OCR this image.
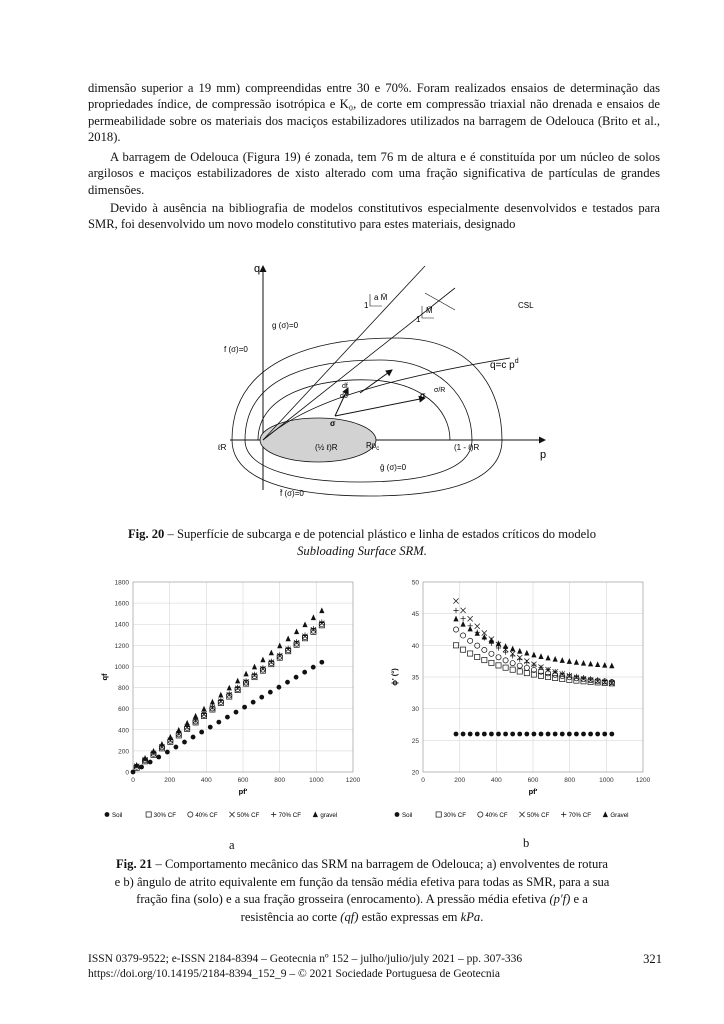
dimensão superior a 19 mm) compreendidas entre 30 e 70%. Foram realizados ensaios de determinação das propriedades índice, de compressão isotrópica e K₀, de corte em compressão triaxial não drenada e ensaios de permeabilidade sobre os materiais dos maciços estabilizadores utilizados na barragem de Odelouca (Brito et al., 2018).

A barragem de Odelouca (Figura 19) é zonada, tem 76 m de altura e é constituída por um núcleo de solos argilosos e maciços estabilizadores de xisto alterado com uma fração significativa de partículas de grandes dimensões.

Devido à ausência na bibliografia de modelos constitutivos especialmente desenvolvidos e testados para SMR, foi desenvolvido um novo modelo constitutivo para estes materiais, designado

q
p
a M̄
1
M̄
1
CSL
q=c $p^d$
g (σ)=0
f (σ)=0
f̄ (σ)=0
ḡ (σ)=0
$Rp_c$
ℓR	(½ ℓ)R	(1 - ℓ)R
df
dσ
σ
σ
σ/R

Fig. 20 – Superfície de subcarga e de potencial plástico e linha de estados críticos do modelo
Subloading Surface SRM.

0
200
400
600
800
1000
1200
1400
1600
1800
0	200	400	600	800	1000	1200
pf'
qf
Soil	30% CF	40% CF	50% CF	70% CF	gravel
20
25
30
35
40
45
50
0	200	400	600	800	1000	1200
pf'
ϕ' (°)
Soil	30% CF	40% CF	50% CF	70% CF	Gravel
a	b

Fig. 21 – Comportamento mecânico das SRM na barragem de Odelouca; a) envolventes de rotura
e b) ângulo de atrito equivalente em função da tensão média efetiva para todas as SMR, para a sua
fração fina (solo) e a sua fração grosseira (enrocamento). A pressão média efetiva (p′f) e a
resistência ao corte (qf) estão expressas em kPa.

ISSN 0379-9522; e-ISSN 2184-8394 – Geotecnia nº 152 – julho/julio/july 2021 – pp. 307-336
https://doi.org/10.14195/2184-8394_152_9 – © 2021 Sociedade Portuguesa de Geotecnia
321
